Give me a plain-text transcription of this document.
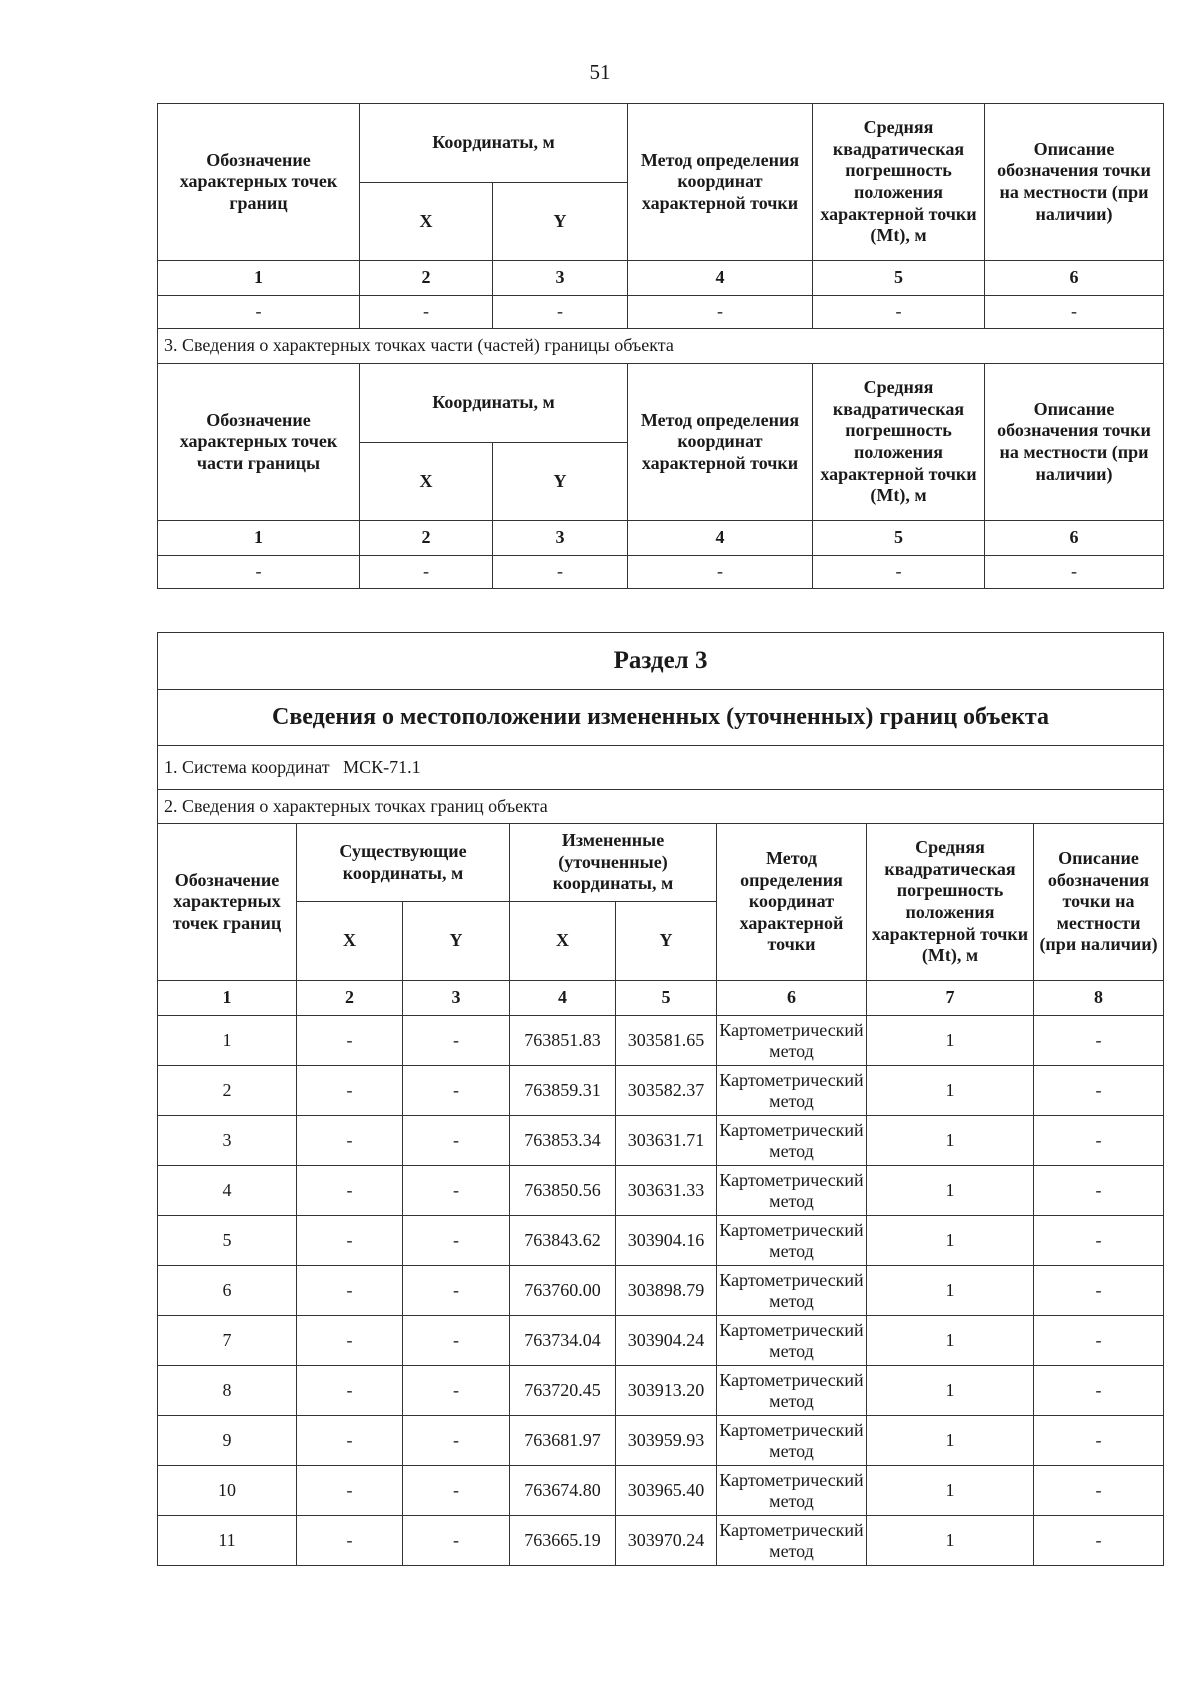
51
Обозначение характерных точек границ	Координаты, м		Метод определения координат характерной точки	Средняя квадратическая погрешность положения характерной точки (Mt), м	Описание обозначения точки на местности (при наличии)
	X	Y			
1	2	3	4	5	6
-	-	-	-	-	-
3. Сведения о характерных точках части (частей) границы объекта					
Обозначение характерных точек части границы	Координаты, м		Метод определения координат характерной точки	Средняя квадратическая погрешность положения характерной точки (Mt), м	Описание обозначения точки на местности (при наличии)
	X	Y			
1	2	3	4	5	6
-	-	-	-	-	-
Раздел 3							
Сведения о местоположении измененных (уточненных) границ объекта							
1. Система координат МСК-71.1							
2. Сведения о характерных точках границ объекта							
Обозначение характерных точек границ	Существующие координаты, м		Измененные (уточненные) координаты, м		Метод определения координат характерной точки	Средняя квадратическая погрешность положения характерной точки (Mt), м	Описание обозначения точки на местности (при наличии)
	X	Y	X	Y			
1	2	3	4	5	6	7	8
1	-	-	763851.83	303581.65	Картометрический метод	1	-
2	-	-	763859.31	303582.37	Картометрический метод	1	-
3	-	-	763853.34	303631.71	Картометрический метод	1	-
4	-	-	763850.56	303631.33	Картометрический метод	1	-
5	-	-	763843.62	303904.16	Картометрический метод	1	-
6	-	-	763760.00	303898.79	Картометрический метод	1	-
7	-	-	763734.04	303904.24	Картометрический метод	1	-
8	-	-	763720.45	303913.20	Картометрический метод	1	-
9	-	-	763681.97	303959.93	Картометрический метод	1	-
10	-	-	763674.80	303965.40	Картометрический метод	1	-
11	-	-	763665.19	303970.24	Картометрический метод	1	-
